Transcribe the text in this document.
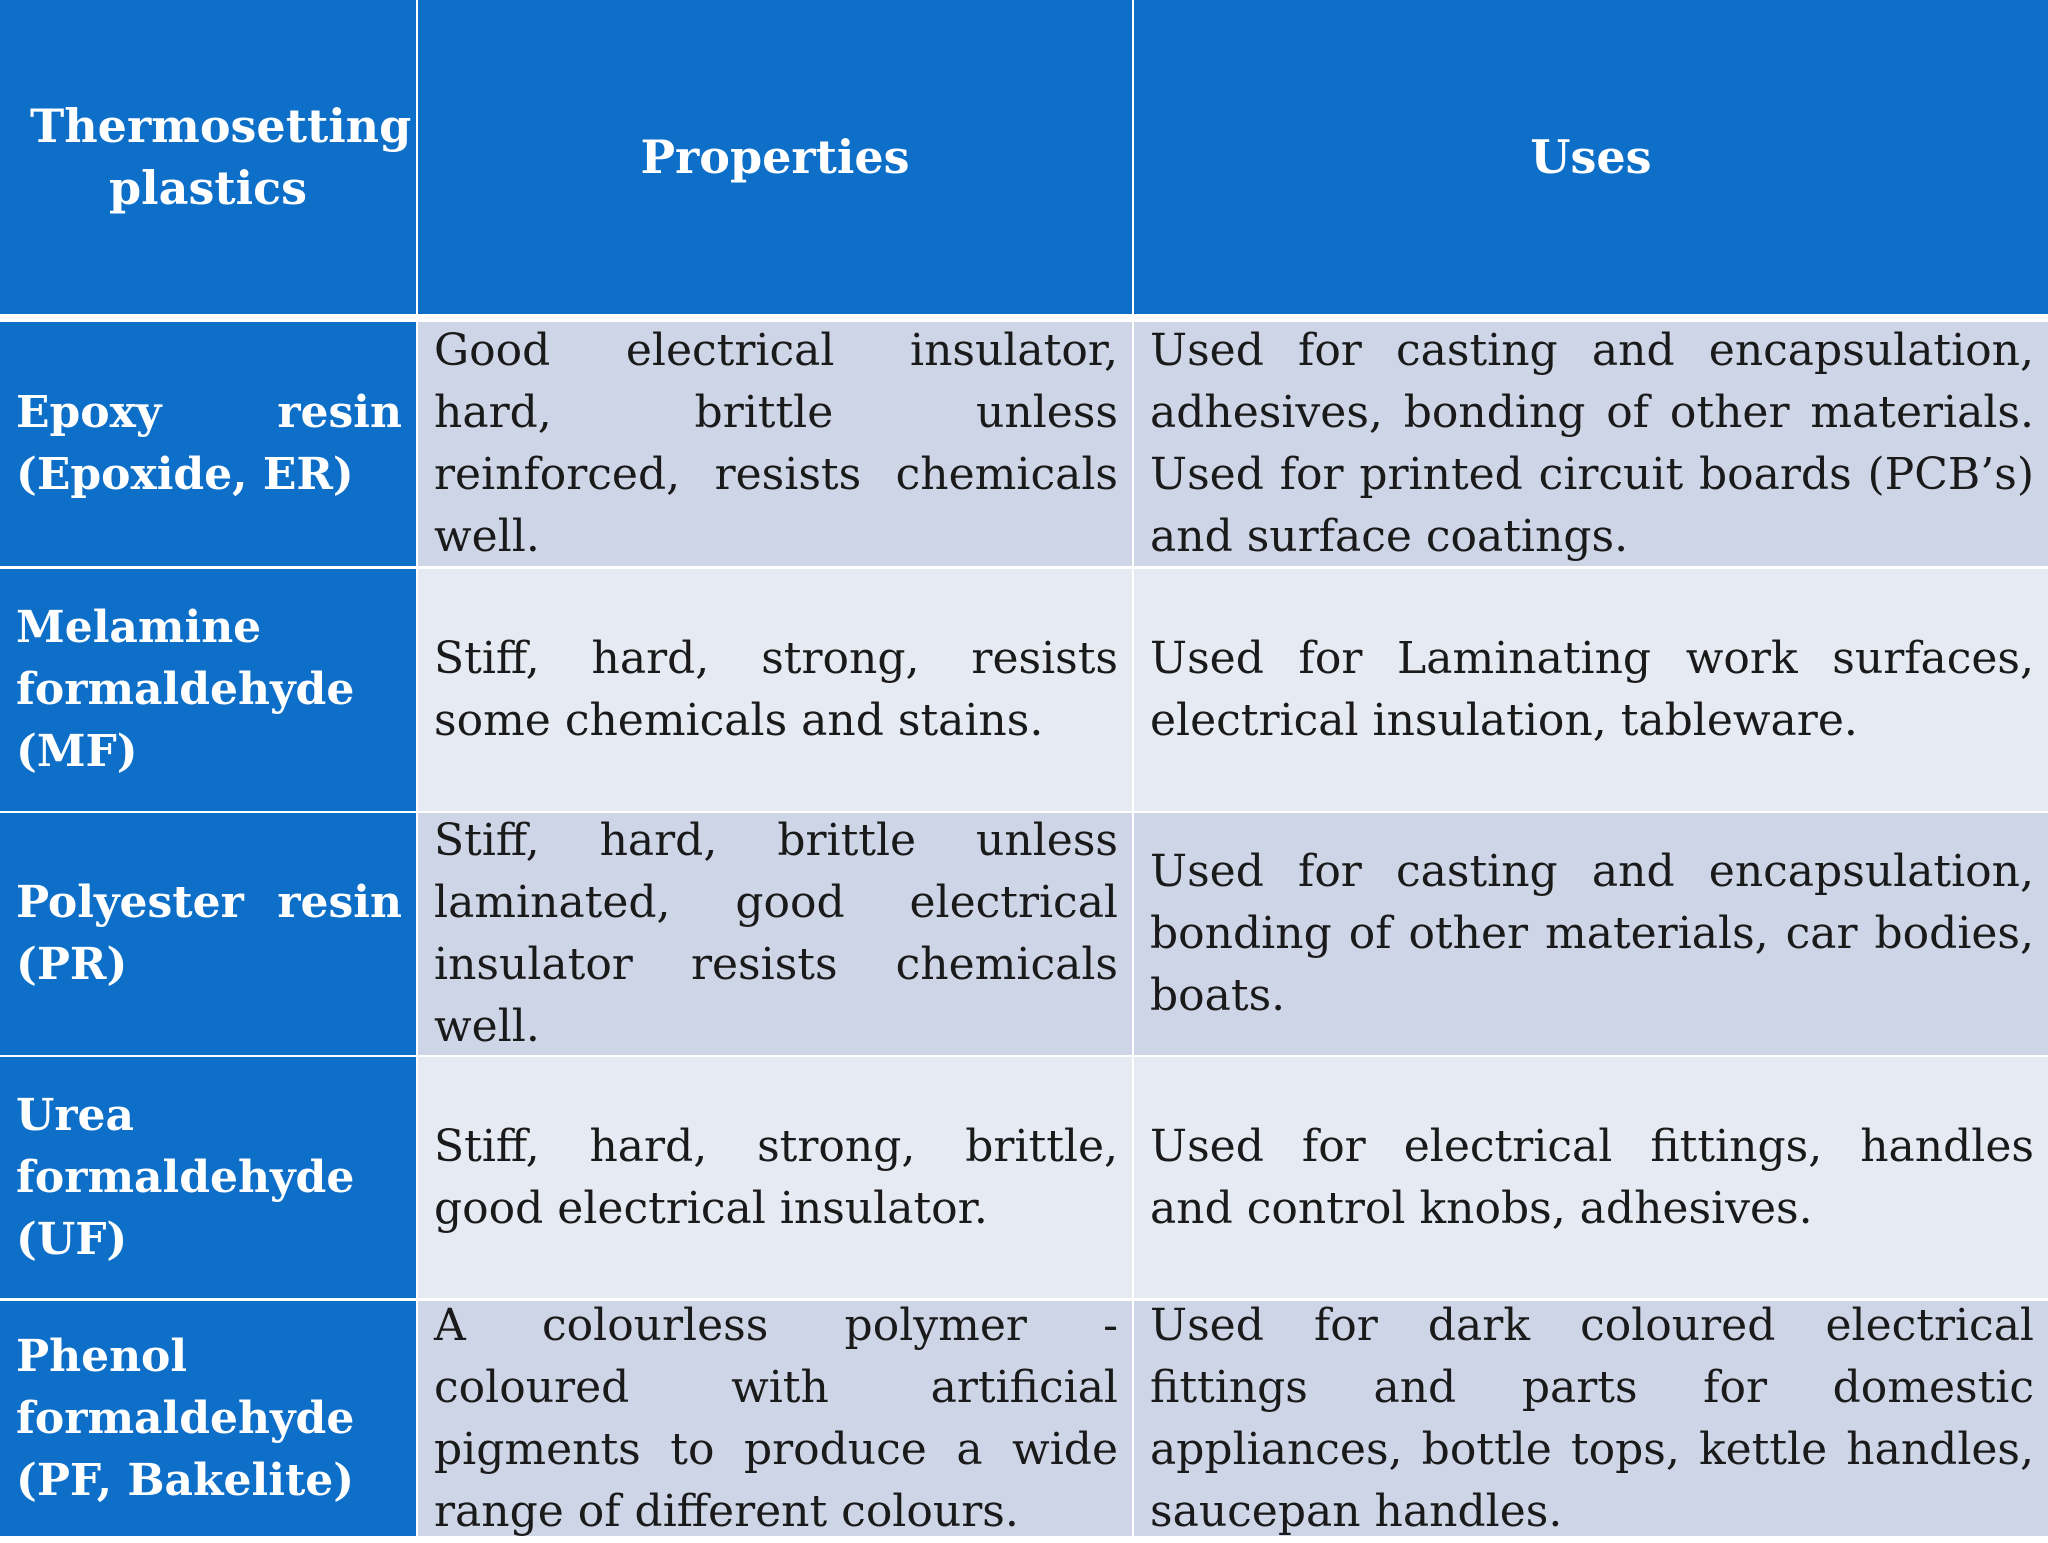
Thermosetting plastics
Properties	Uses
Epoxy resin (Epoxide, ER)
Good electrical insulator, hard, brittle unless reinforced, resists chemicals well.
Used for casting and encapsulation, adhesives, bonding of other materials. Used for printed circuit boards (PCB’s) and surface coatings.
Melamine formaldehyde (MF)
Stiff, hard, strong, resists some chemicals and stains.
Used for Laminating work surfaces, electrical insulation, tableware.
Polyester resin (PR)
Stiff, hard, brittle unless laminated, good electrical insulator resists chemicals well.
Used for casting and encapsulation, bonding of other materials, car bodies, boats.
Urea formaldehyde (UF)
Stiff, hard, strong, brittle, good electrical insulator.
Used for electrical fittings, handles and control knobs, adhesives.
Phenol formaldehyde (PF, Bakelite)
A colourless polymer - coloured with artificial pigments to produce a wide range of different colours.
Used for dark coloured electrical fittings and parts for domestic appliances, bottle tops, kettle handles, saucepan handles.
